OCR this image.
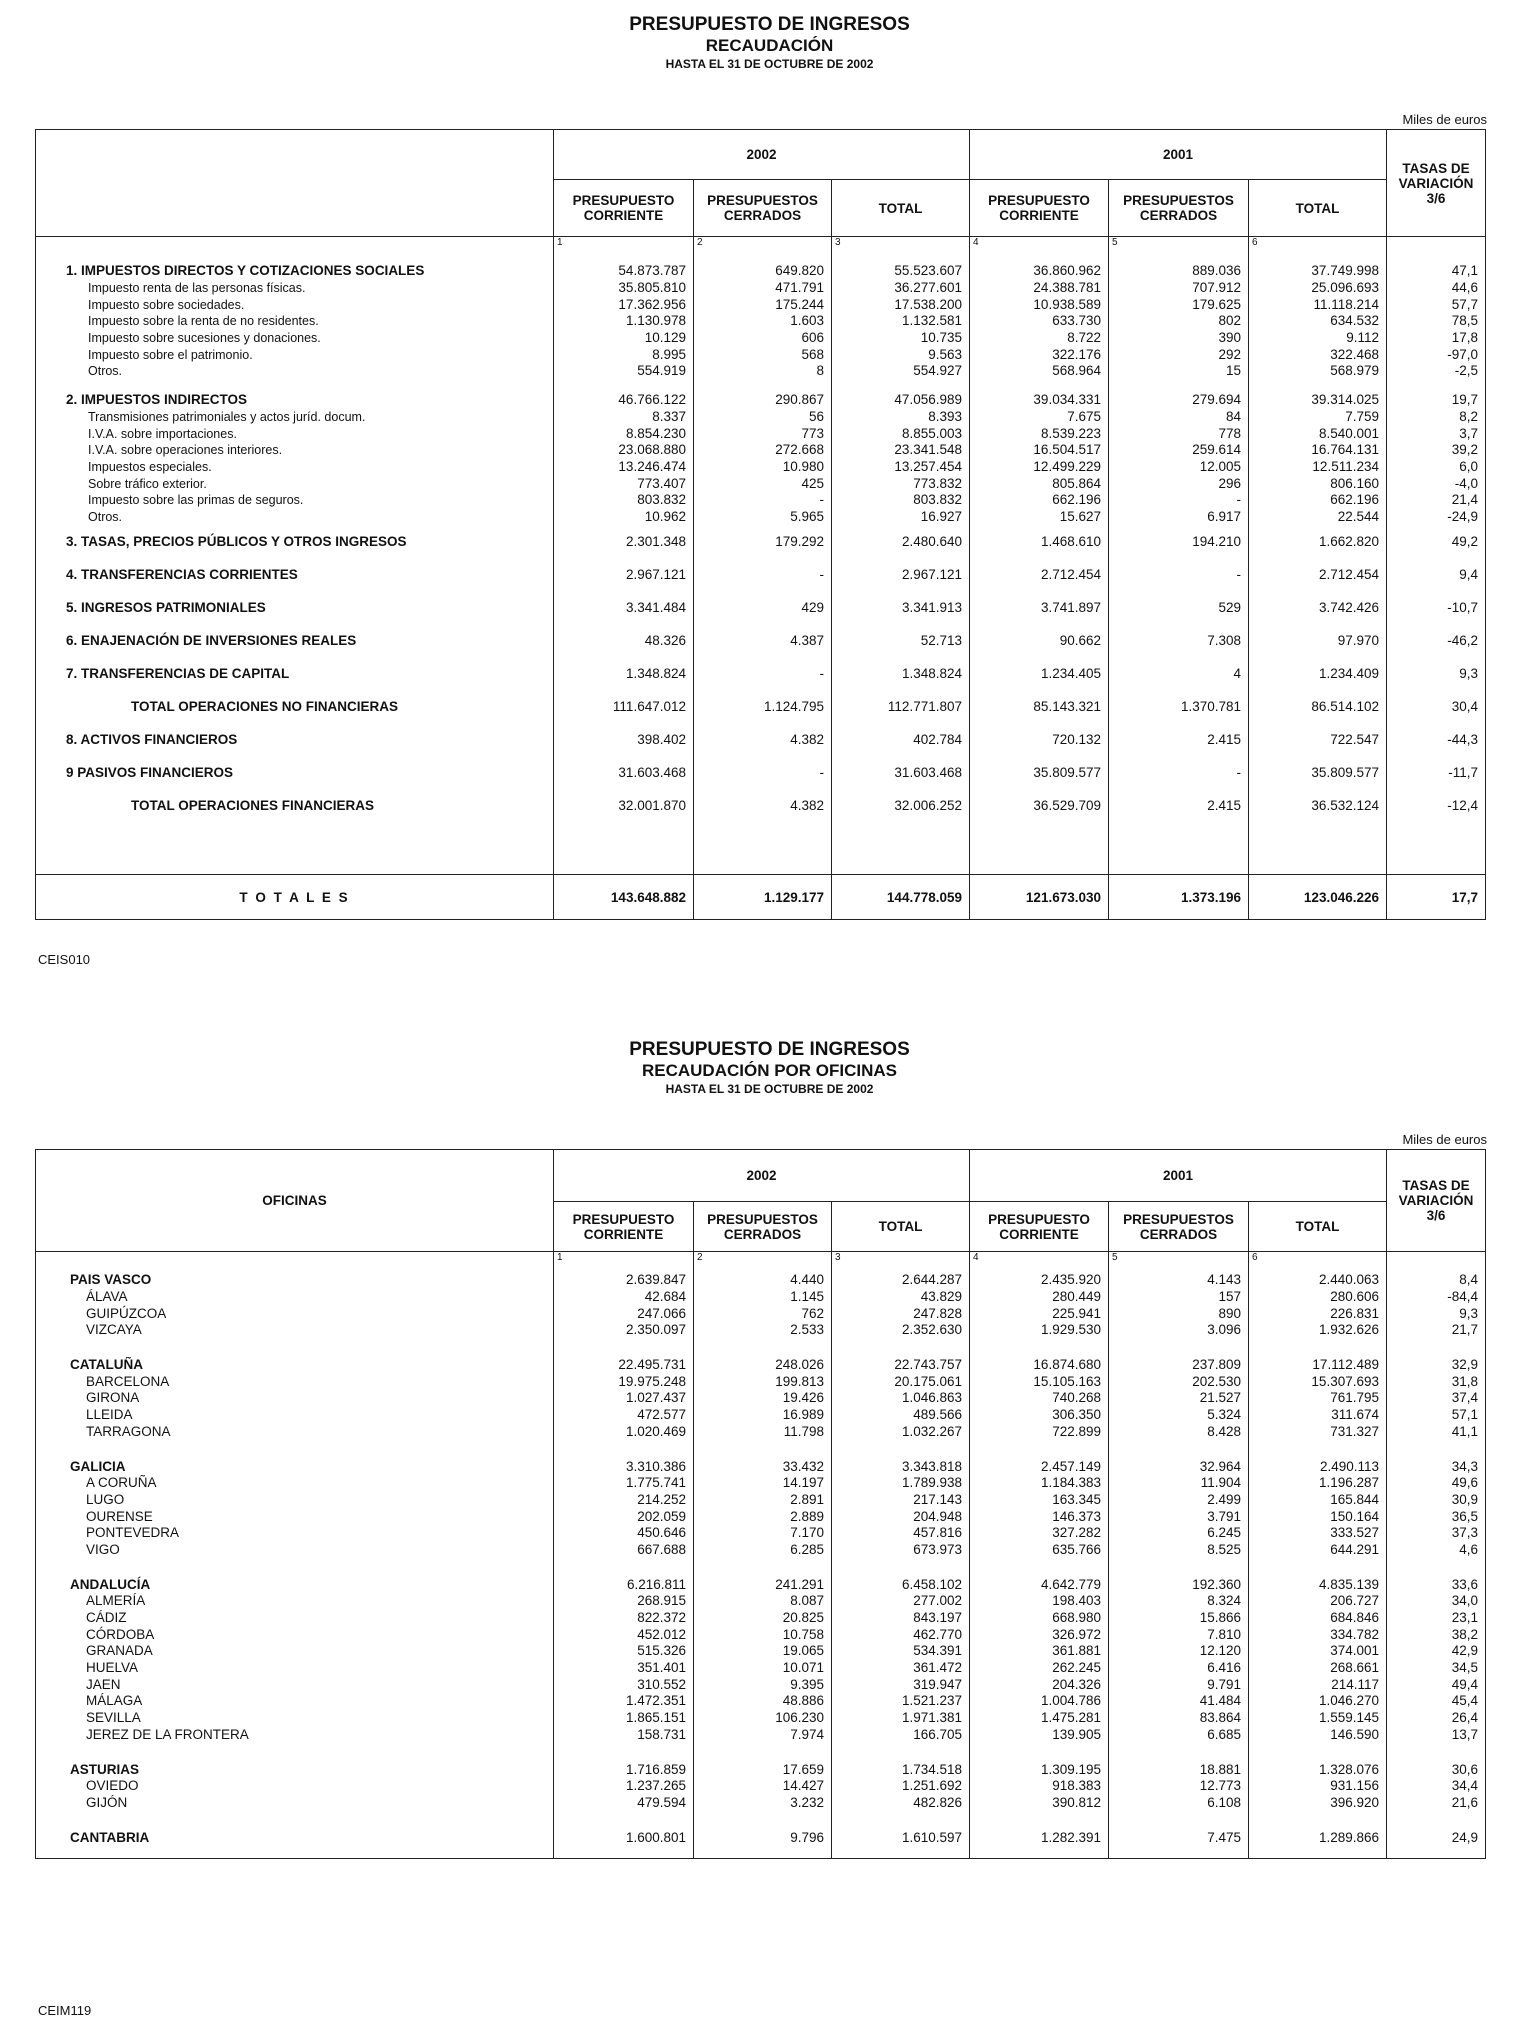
PRESUPUESTO DE INGRESOS
RECAUDACIÓN
HASTA EL 31 DE OCTUBRE DE 2002
Miles de euros
	2002			2001			TASAS DE VARIACIÓN 3/6
	PRESUPUESTO CORRIENTE	PRESUPUESTOS CERRADOS	TOTAL	PRESUPUESTO CORRIENTE	PRESUPUESTOS CERRADOS	TOTAL	
	1	2	3	4	5	6	

1. IMPUESTOS DIRECTOS Y COTIZACIONES SOCIALES	54.873.787	649.820	55.523.607	36.860.962	889.036	37.749.998	47,1
Impuesto renta de las personas físicas.	35.805.810	471.791	36.277.601	24.388.781	707.912	25.096.693	44,6
Impuesto sobre sociedades.	17.362.956	175.244	17.538.200	10.938.589	179.625	11.118.214	57,7
Impuesto sobre la renta de no residentes.	1.130.978	1.603	1.132.581	633.730	802	634.532	78,5
Impuesto sobre sucesiones y donaciones.	10.129	606	10.735	8.722	390	9.112	17,8
Impuesto sobre el patrimonio.	8.995	568	9.563	322.176	292	322.468	-97,0
Otros.	554.919	8	554.927	568.964	15	568.979	-2,5

2. IMPUESTOS INDIRECTOS	46.766.122	290.867	47.056.989	39.034.331	279.694	39.314.025	19,7
Transmisiones patrimoniales y actos juríd. docum.	8.337	56	8.393	7.675	84	7.759	8,2
I.V.A. sobre importaciones.	8.854.230	773	8.855.003	8.539.223	778	8.540.001	3,7
I.V.A. sobre operaciones interiores.	23.068.880	272.668	23.341.548	16.504.517	259.614	16.764.131	39,2
Impuestos especiales.	13.246.474	10.980	13.257.454	12.499.229	12.005	12.511.234	6,0
Sobre tráfico exterior.	773.407	425	773.832	805.864	296	806.160	-4,0
Impuesto sobre las primas de seguros.	803.832	-	803.832	662.196	-	662.196	21,4
Otros.	10.962	5.965	16.927	15.627	6.917	22.544	-24,9
3. TASAS, PRECIOS PÚBLICOS Y OTROS INGRESOS	2.301.348	179.292	2.480.640	1.468.610	194.210	1.662.820	49,2
4. TRANSFERENCIAS CORRIENTES	2.967.121	-	2.967.121	2.712.454	-	2.712.454	9,4
5. INGRESOS PATRIMONIALES	3.341.484	429	3.341.913	3.741.897	529	3.742.426	-10,7
6. ENAJENACIÓN DE INVERSIONES REALES	48.326	4.387	52.713	90.662	7.308	97.970	-46,2
7. TRANSFERENCIAS DE CAPITAL	1.348.824	-	1.348.824	1.234.405	4	1.234.409	9,3
TOTAL OPERACIONES NO FINANCIERAS	111.647.012	1.124.795	112.771.807	85.143.321	1.370.781	86.514.102	30,4
8. ACTIVOS FINANCIEROS	398.402	4.382	402.784	720.132	2.415	722.547	-44,3
9 PASIVOS FINANCIEROS	31.603.468	-	31.603.468	35.809.577	-	35.809.577	-11,7
TOTAL OPERACIONES FINANCIERAS	32.001.870	4.382	32.006.252	36.529.709	2.415	36.532.124	-12,4

T O T A L E S	143.648.882	1.129.177	144.778.059	121.673.030	1.373.196	123.046.226	17,7
CEIS010
PRESUPUESTO DE INGRESOS
RECAUDACIÓN POR OFICINAS
HASTA EL 31 DE OCTUBRE DE 2002
Miles de euros
OFICINAS	2002			2001			TASAS DE VARIACIÓN 3/6
	PRESUPUESTO CORRIENTE	PRESUPUESTOS CERRADOS	TOTAL	PRESUPUESTO CORRIENTE	PRESUPUESTOS CERRADOS	TOTAL	
	1	2	3	4	5	6	

PAIS VASCO	2.639.847	4.440	2.644.287	2.435.920	4.143	2.440.063	8,4
ÁLAVA	42.684	1.145	43.829	280.449	157	280.606	-84,4
GUIPÚZCOA	247.066	762	247.828	225.941	890	226.831	9,3
VIZCAYA	2.350.097	2.533	2.352.630	1.929.530	3.096	1.932.626	21,7

CATALUÑA	22.495.731	248.026	22.743.757	16.874.680	237.809	17.112.489	32,9
BARCELONA	19.975.248	199.813	20.175.061	15.105.163	202.530	15.307.693	31,8
GIRONA	1.027.437	19.426	1.046.863	740.268	21.527	761.795	37,4
LLEIDA	472.577	16.989	489.566	306.350	5.324	311.674	57,1
TARRAGONA	1.020.469	11.798	1.032.267	722.899	8.428	731.327	41,1

GALICIA	3.310.386	33.432	3.343.818	2.457.149	32.964	2.490.113	34,3
A CORUÑA	1.775.741	14.197	1.789.938	1.184.383	11.904	1.196.287	49,6
LUGO	214.252	2.891	217.143	163.345	2.499	165.844	30,9
OURENSE	202.059	2.889	204.948	146.373	3.791	150.164	36,5
PONTEVEDRA	450.646	7.170	457.816	327.282	6.245	333.527	37,3
VIGO	667.688	6.285	673.973	635.766	8.525	644.291	4,6

ANDALUCÍA	6.216.811	241.291	6.458.102	4.642.779	192.360	4.835.139	33,6
ALMERÍA	268.915	8.087	277.002	198.403	8.324	206.727	34,0
CÁDIZ	822.372	20.825	843.197	668.980	15.866	684.846	23,1
CÓRDOBA	452.012	10.758	462.770	326.972	7.810	334.782	38,2
GRANADA	515.326	19.065	534.391	361.881	12.120	374.001	42,9
HUELVA	351.401	10.071	361.472	262.245	6.416	268.661	34,5
JAEN	310.552	9.395	319.947	204.326	9.791	214.117	49,4
MÁLAGA	1.472.351	48.886	1.521.237	1.004.786	41.484	1.046.270	45,4
SEVILLA	1.865.151	106.230	1.971.381	1.475.281	83.864	1.559.145	26,4
JEREZ DE LA FRONTERA	158.731	7.974	166.705	139.905	6.685	146.590	13,7

ASTURIAS	1.716.859	17.659	1.734.518	1.309.195	18.881	1.328.076	30,6
OVIEDO	1.237.265	14.427	1.251.692	918.383	12.773	931.156	34,4
GIJÓN	479.594	3.232	482.826	390.812	6.108	396.920	21,6

CANTABRIA	1.600.801	9.796	1.610.597	1.282.391	7.475	1.289.866	24,9

CEIM119
